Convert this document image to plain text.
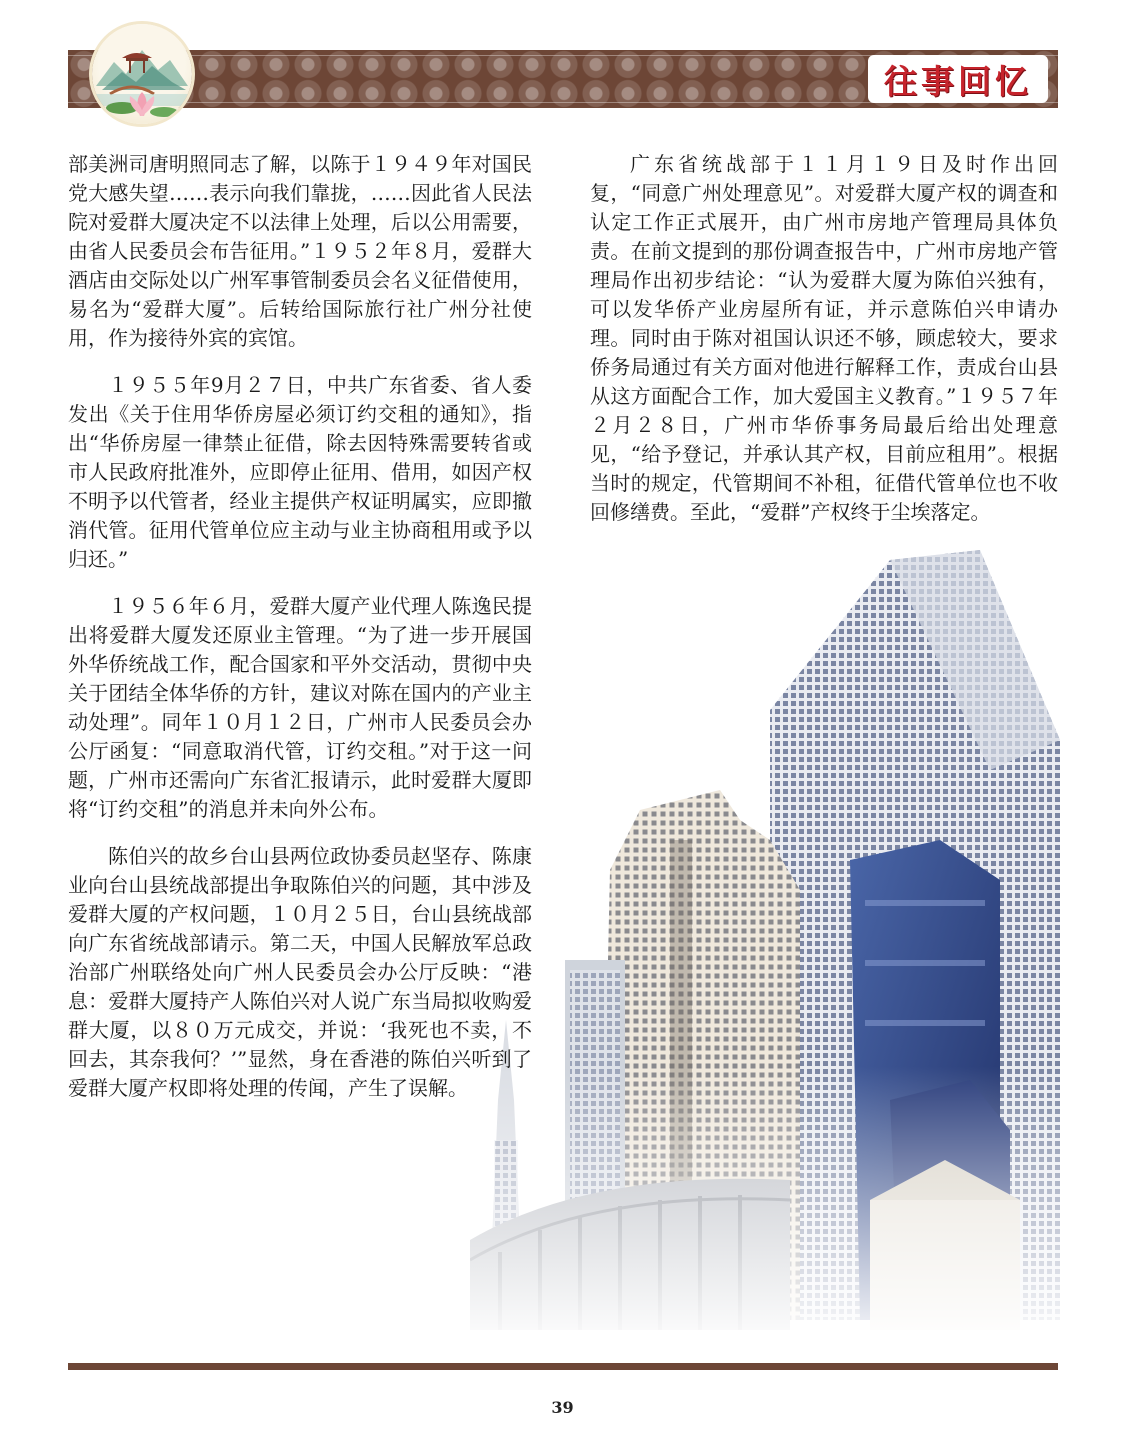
往事回忆

部美洲司唐明照同志了解，以陈于１９４９年对国民党大感失望……表示向我们靠拢，……因此省人民法院对爱群大厦决定不以法律上处理，后以公用需要，由省人民委员会布告征用。”１９５２年８月，爱群大酒店由交际处以广州军事管制委员会名义征借使用，易名为“爱群大厦”。后转给国际旅行社广州分社使用，作为接待外宾的宾馆。

１９５５年9月２７日，中共广东省委、省人委发出《关于住用华侨房屋必须订约交租的通知》，指出“华侨房屋一律禁止征借，除去因特殊需要转省或市人民政府批准外，应即停止征用、借用，如因产权不明予以代管者，经业主提供产权证明属实，应即撤消代管。征用代管单位应主动与业主协商租用或予以归还。”

１９５６年６月，爱群大厦产业代理人陈逸民提出将爱群大厦发还原业主管理。“为了进一步开展国外华侨统战工作，配合国家和平外交活动，贯彻中央关于团结全体华侨的方针，建议对陈在国内的产业主动处理”。同年１０月１２日，广州市人民委员会办公厅函复：“同意取消代管，订约交租。”对于这一问题，广州市还需向广东省汇报请示，此时爱群大厦即将“订约交租”的消息并未向外公布。

陈伯兴的故乡台山县两位政协委员赵坚存、陈康业向台山县统战部提出争取陈伯兴的问题，其中涉及爱群大厦的产权问题，１０月２５日，台山县统战部向广东省统战部请示。第二天，中国人民解放军总政治部广州联络处向广州人民委员会办公厅反映：“港息：爱群大厦持产人陈伯兴对人说广东当局拟收购爱群大厦，以８０万元成交，并说：‘我死也不卖，不回去，其奈我何？’”显然，身在香港的陈伯兴听到了爱群大厦产权即将处理的传闻，产生了误解。

广东省统战部于１１月１９日及时作出回复，“同意广州处理意见”。对爱群大厦产权的调查和认定工作正式展开，由广州市房地产管理局具体负责。在前文提到的那份调查报告中，广州市房地产管理局作出初步结论：“认为爱群大厦为陈伯兴独有，可以发华侨产业房屋所有证，并示意陈伯兴申请办理。同时由于陈对祖国认识还不够，顾虑较大，要求侨务局通过有关方面对他进行解释工作，责成台山县从这方面配合工作，加大爱国主义教育。”１９５７年２月２８日，广州市华侨事务局最后给出处理意见，“给予登记，并承认其产权，目前应租用”。根据当时的规定，代管期间不补租，征借代管单位也不收回修缮费。至此，“爱群”产权终于尘埃落定。

39
